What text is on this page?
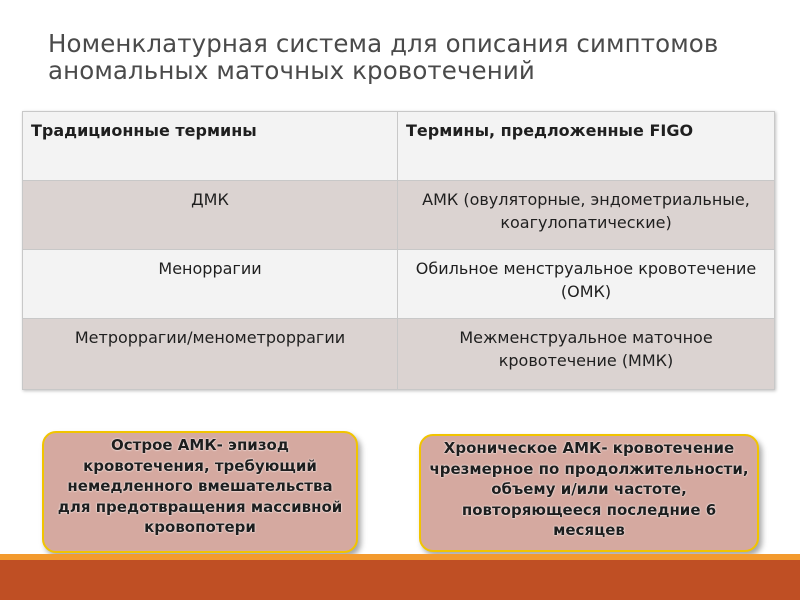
Номенклатурная система для описания симптомов
аномальных маточных кровотечений
Традиционные термины	Термины, предложенные FIGO
ДМК	АМК (овуляторные, эндометриальные, коагулопатические)
Меноррагии	Обильное менструальное кровотечение (ОМК)
Метроррагии/менометроррагии	Межменструальное маточное кровотечение (ММК)
Острое АМК- эпизод
кровотечения, требующий
немедленного вмешательства
для предотвращения массивной
кровопотери
Хроническое АМК- кровотечение
чрезмерное по продолжительности,
объему и/или частоте,
повторяющееся последние 6
месяцев
